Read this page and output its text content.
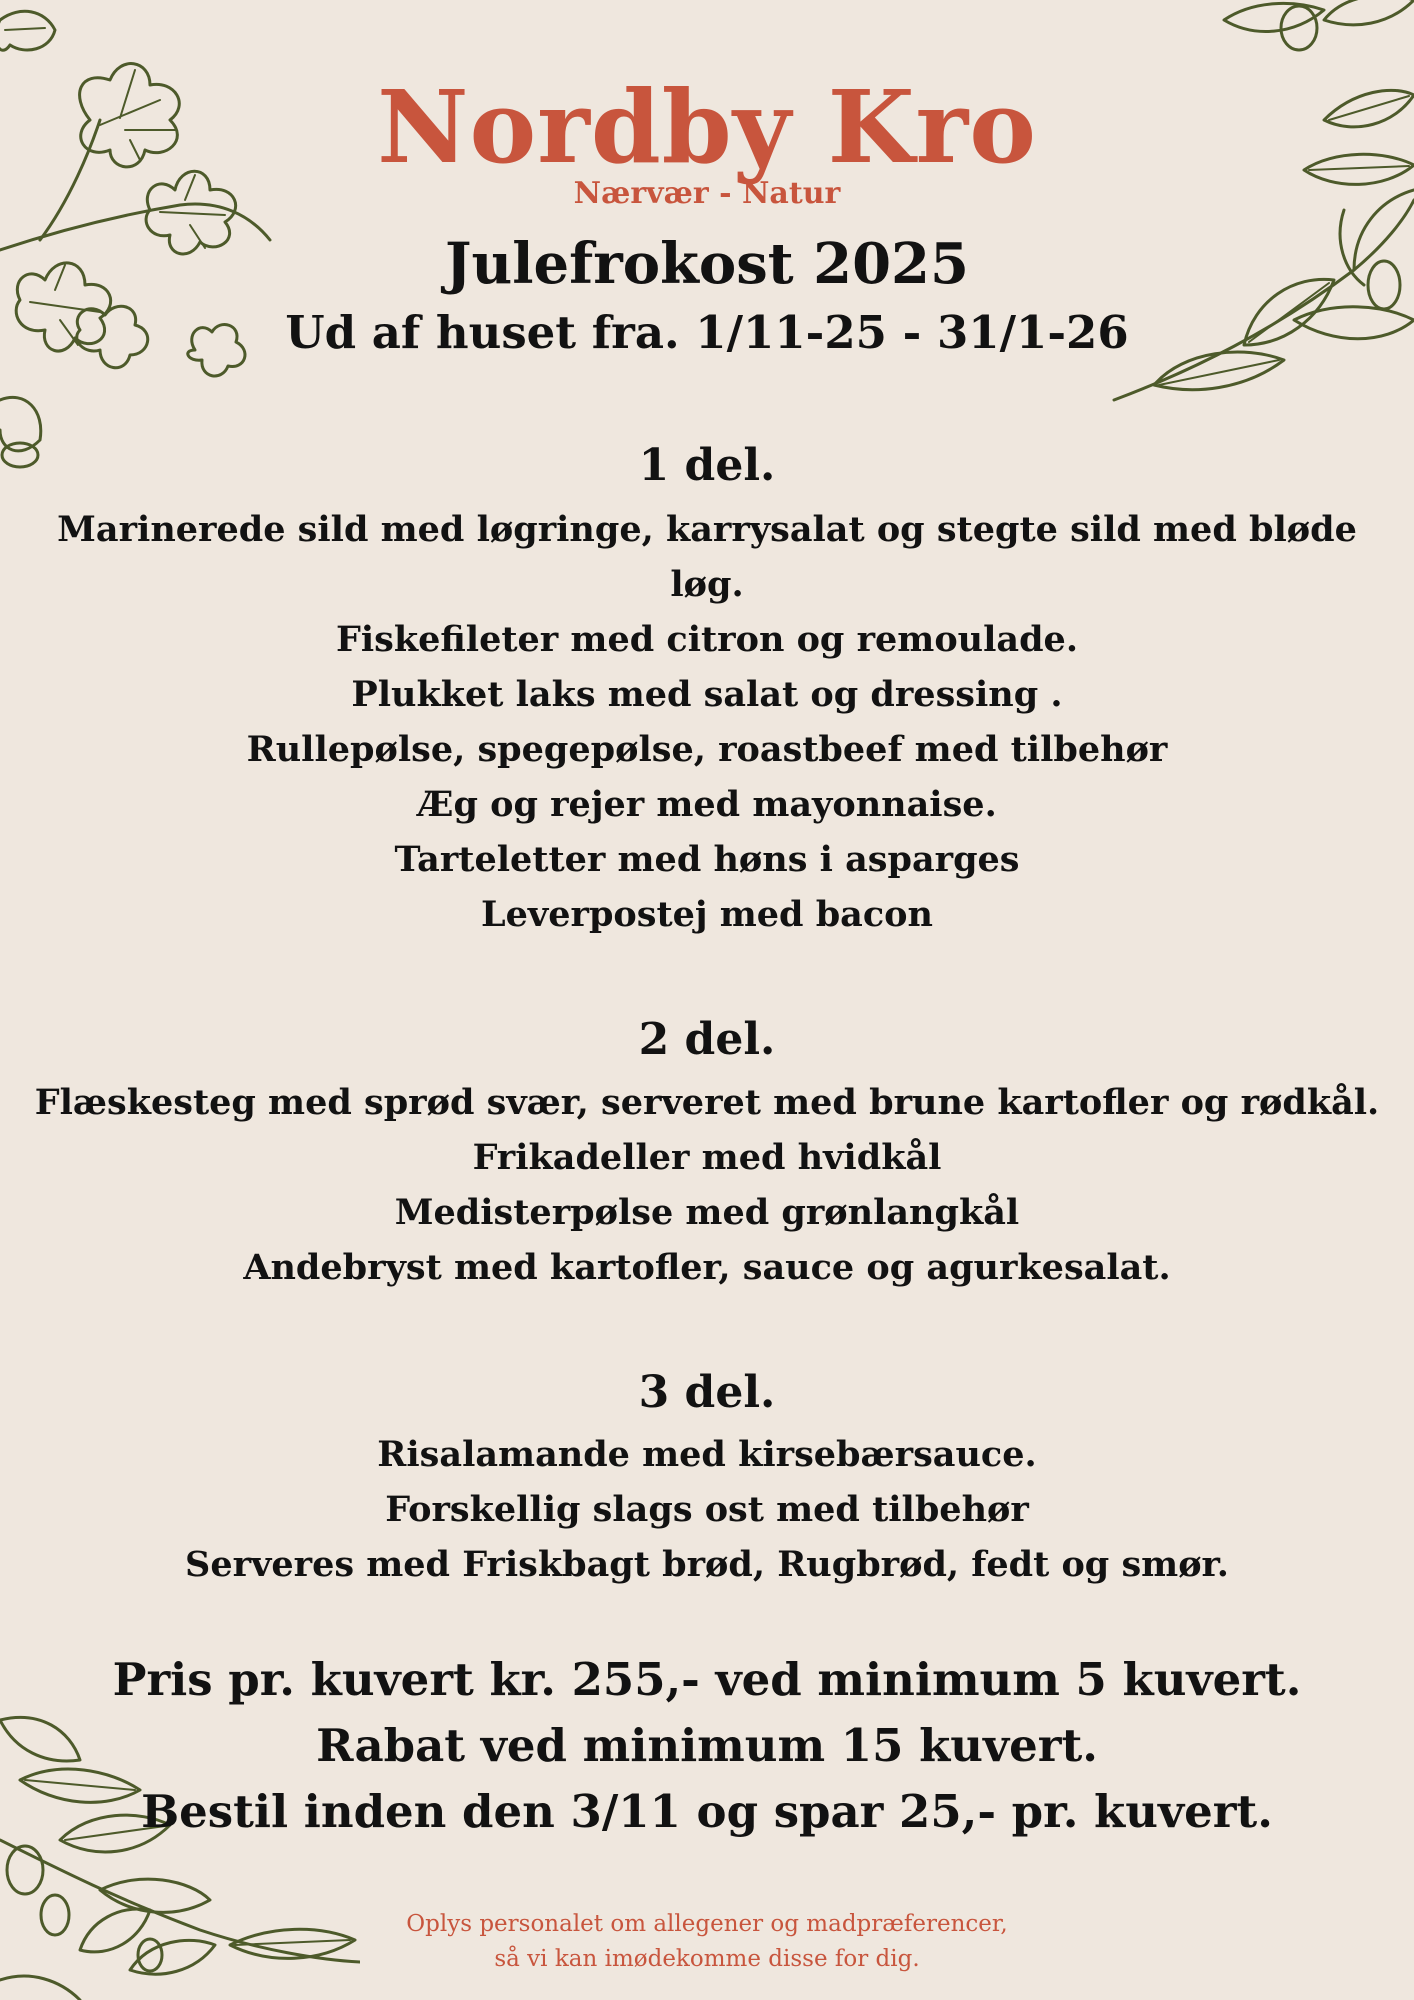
Nordby Kro
Nærvær - Natur
Julefrokost 2025
Ud af huset fra. 1/11-25 - 31/1-26
1 del.
Marinerede sild med løgringe, karrysalat og stegte sild med bløde
løg.
Fiskefileter med citron og remoulade.
Plukket laks med salat og dressing .
Rullepølse, spegepølse, roastbeef med tilbehør
Æg og rejer med mayonnaise.
Tarteletter med høns i asparges
Leverpostej med bacon
2 del.
Flæskesteg med sprød svær, serveret med brune kartofler og rødkål.
Frikadeller med hvidkål
Medisterpølse med grønlangkål
Andebryst med kartofler, sauce og agurkesalat.
3 del.
Risalamande med kirsebærsauce.
Forskellig slags ost med tilbehør
Serveres med Friskbagt brød, Rugbrød, fedt og smør.
Pris pr. kuvert kr. 255,- ved minimum 5 kuvert.
Rabat ved minimum 15 kuvert.
Bestil inden den 3/11 og spar 25,- pr. kuvert.
Oplys personalet om allegener og madpræferencer,
så vi kan imødekomme disse for dig.
